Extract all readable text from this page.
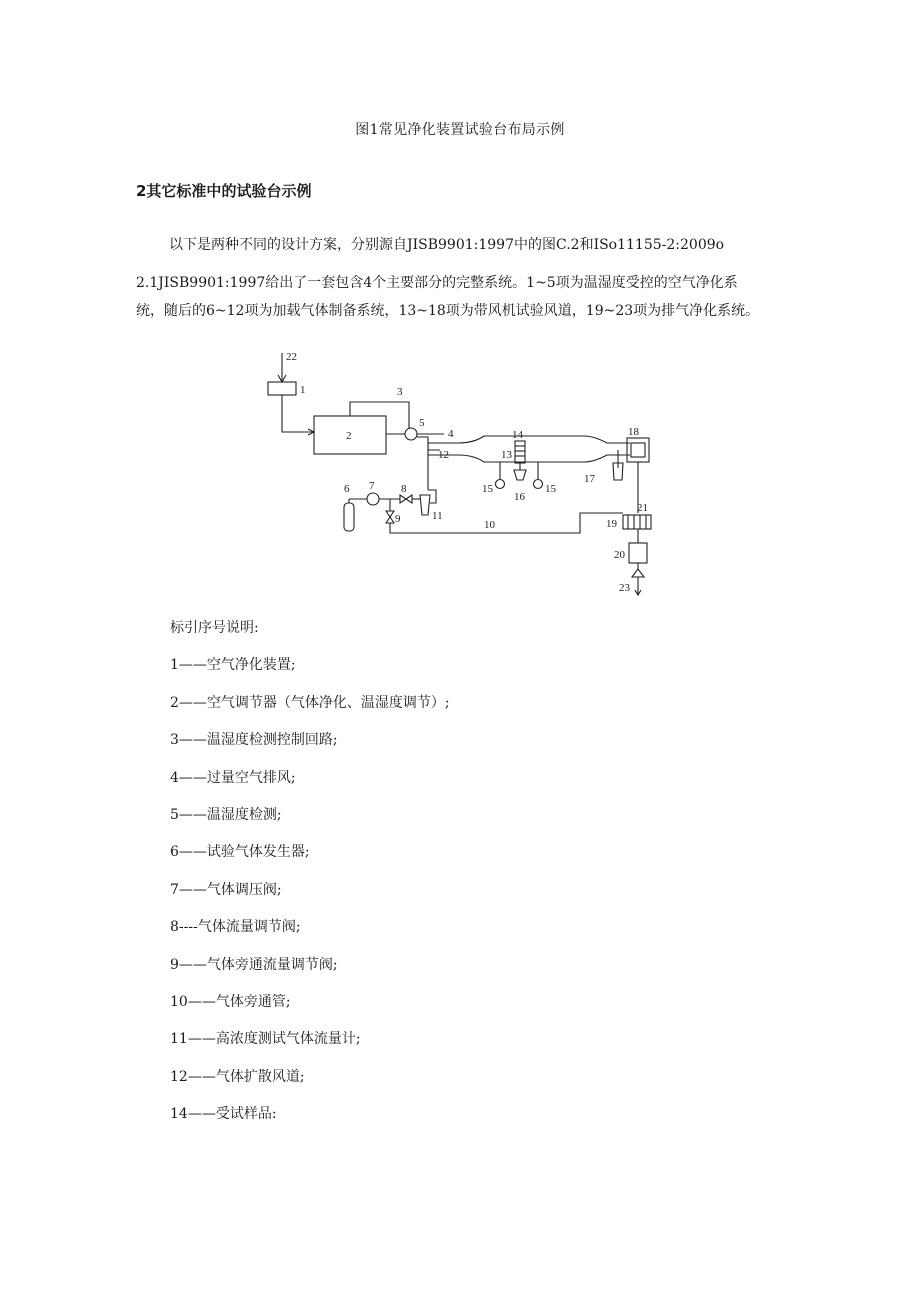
图1常见净化装置试验台布局示例
2其它标准中的试验台示例
以下是两种不同的设计方案，分别源自JISB9901:1997中的图C.2和ISo11155-2:2009o
2.1JISB9901:1997给出了一套包含4个主要部分的完整系统。1~5项为温湿度受控的空气净化系
统，随后的6~12项为加载气体制备系统，13~18项为带风机试验风道，19~23项为排气净化系统。
22
1	3
2
5
4	14	18
13
12
17
15
16
15
6 7 8
9	11
10
21
19
20
23
标引序号说明:
1——空气净化装置;
2——空气调节器（气体净化、温湿度调节）;
3——温湿度检测控制回路;
4——过量空气排风;
5——温湿度检测;
6——试验气体发生器;
7——气体调压阀;
8----气体流量调节阀;
9——气体旁通流量调节阀;
10——气体旁通管;
11——高浓度测试气体流量计;
12——气体扩散风道;
14——受试样品:
